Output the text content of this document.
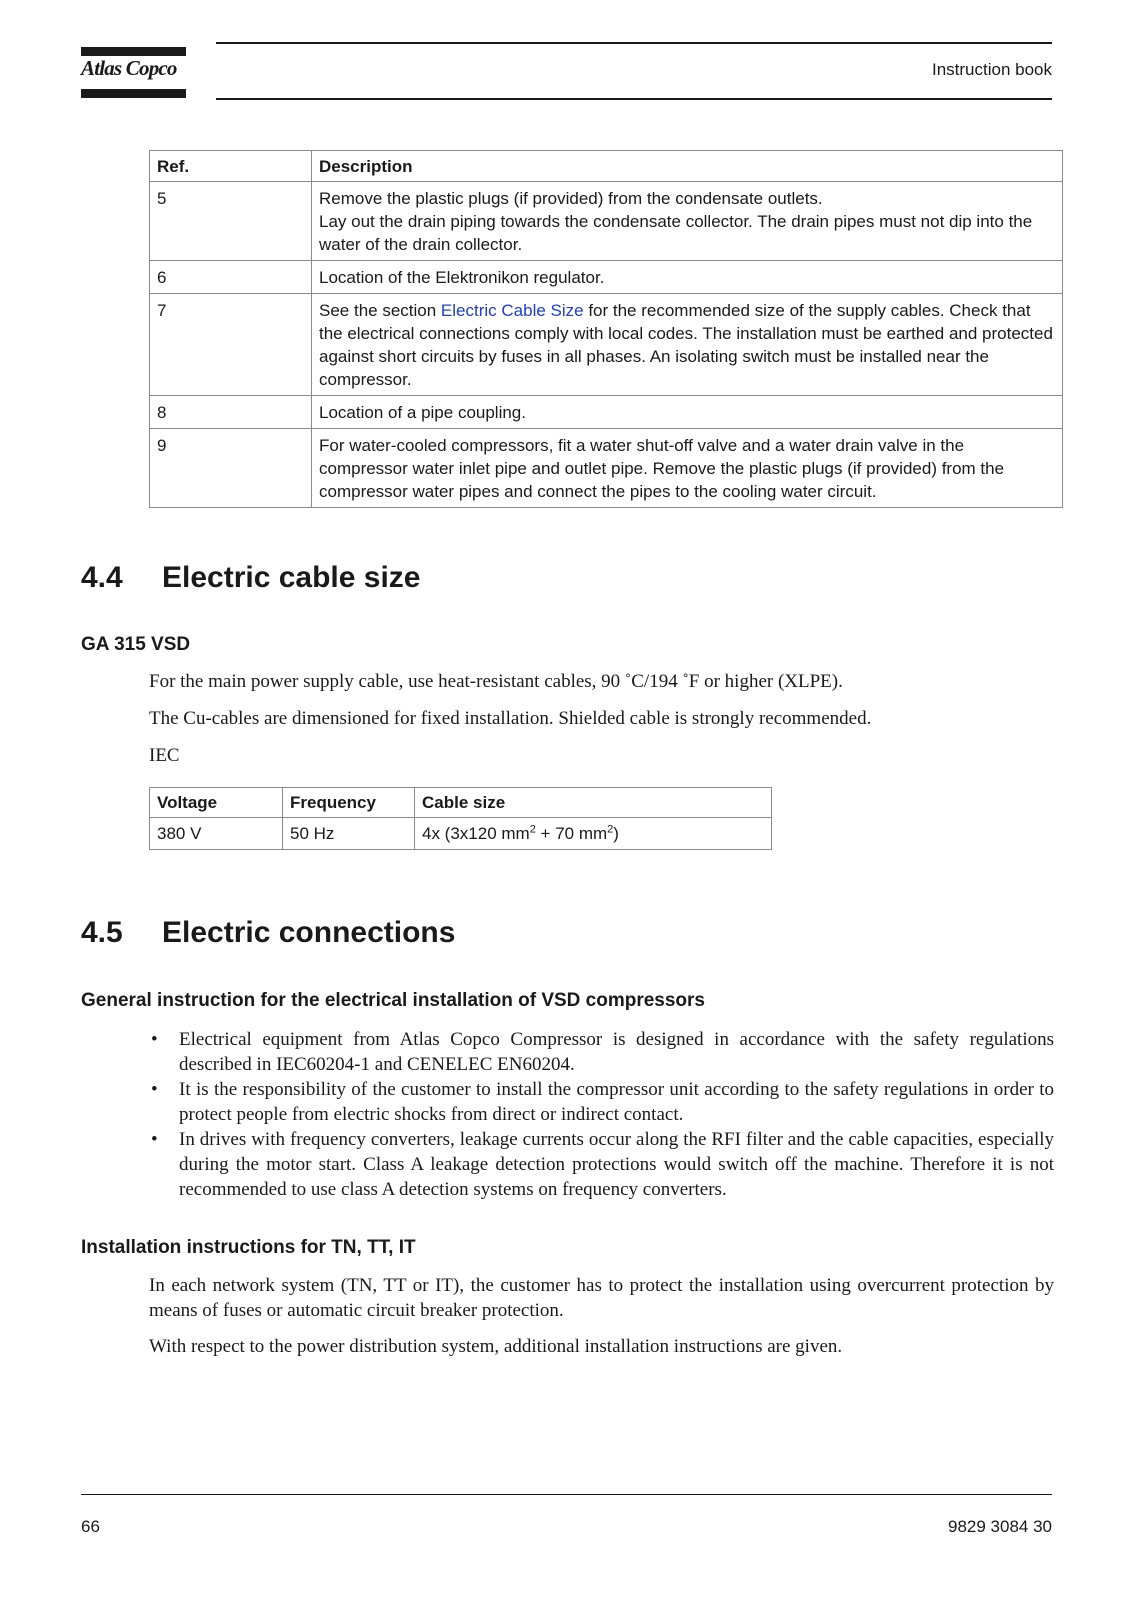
Atlas Copco	Instruction book
Ref.	Description
5	Remove the plastic plugs (if provided) from the condensate outlets.
Lay out the drain piping towards the condensate collector. The drain pipes must not dip into the water of the drain collector.

6	Location of the Elektronikon regulator.
7	See the section Electric Cable Size for the recommended size of the supply cables. Check that the electrical connections comply with local codes. The installation must be earthed and protected against short circuits by fuses in all phases. An isolating switch must be installed near the compressor.
8	Location of a pipe coupling.
9	For water-cooled compressors, fit a water shut-off valve and a water drain valve in the compressor water inlet pipe and outlet pipe. Remove the plastic plugs (if provided) from the compressor water pipes and connect the pipes to the cooling water circuit.
4.4 Electric cable size
GA 315 VSD
For the main power supply cable, use heat-resistant cables, 90 ˚C/194 ˚F or higher (XLPE).
The Cu-cables are dimensioned for fixed installation. Shielded cable is strongly recommended.
IEC
Voltage	Frequency	Cable size
380 V	50 Hz	4x (3x120 $mm^2 + 70$ $mm^2$)
4.5 Electric connections
General instruction for the electrical installation of VSD compressors
• Electrical equipment from Atlas Copco Compressor is designed in accordance with the safety regulations described in IEC60204-1 and CENELEC EN60204.
• It is the responsibility of the customer to install the compressor unit according to the safety regulations in order to protect people from electric shocks from direct or indirect contact.
• In drives with frequency converters, leakage currents occur along the RFI filter and the cable capacities, especially during the motor start. Class A leakage detection protections would switch off the machine. Therefore it is not recommended to use class A detection systems on frequency converters.
Installation instructions for TN, TT, IT
In each network system (TN, TT or IT), the customer has to protect the installation using overcurrent protection by means of fuses or automatic circuit breaker protection.
With respect to the power distribution system, additional installation instructions are given.
66	9829 3084 30
